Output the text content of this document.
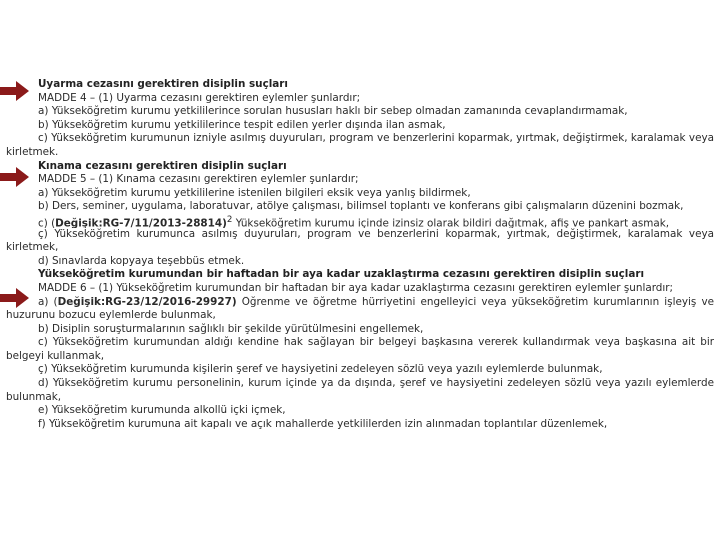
Uyarma cezasını gerektiren disiplin suçları
MADDE 4 – (1) Uyarma cezasını gerektiren eylemler şunlardır;
a) Yükseköğretim kurumu yetkililerince sorulan hususları haklı bir sebep olmadan zamanında cevaplandırmamak,
b) Yükseköğretim kurumu yetkililerince tespit edilen yerler dışında ilan asmak,
c) Yükseköğretim kurumunun izniyle asılmış duyuruları, program ve benzerlerini koparmak, yırtmak, değiştirmek, karalamak veya
kirletmek.
Kınama cezasını gerektiren disiplin suçları
MADDE 5 – (1) Kınama cezasını gerektiren eylemler şunlardır;
a) Yükseköğretim kurumu yetkililerine istenilen bilgileri eksik veya yanlış bildirmek,
b) Ders, seminer, uygulama, laboratuvar, atölye çalışması, bilimsel toplantı ve konferans gibi çalışmaların düzenini bozmak,
c) (Değişik:RG-7/11/2013-28814)$^2$ Yükseköğretim kurumu içinde izinsiz olarak bildiri dağıtmak, afiş ve pankart asmak,
ç) Yükseköğretim kurumunca asılmış duyuruları, program ve benzerlerini koparmak, yırtmak, değiştirmek, karalamak veya
kirletmek,
d) Sınavlarda kopyaya teşebbüs etmek.
Yükseköğretim kurumundan bir haftadan bir aya kadar uzaklaştırma cezasını gerektiren disiplin suçları
MADDE 6 – (1) Yükseköğretim kurumundan bir haftadan bir aya kadar uzaklaştırma cezasını gerektiren eylemler şunlardır;
a) (Değişik:RG-23/12/2016-29927) Öğrenme ve öğretme hürriyetini engelleyici veya yükseköğretim kurumlarının işleyiş ve
huzurunu bozucu eylemlerde bulunmak,
b) Disiplin soruşturmalarının sağlıklı bir şekilde yürütülmesini engellemek,
c) Yükseköğretim kurumundan aldığı kendine hak sağlayan bir belgeyi başkasına vererek kullandırmak veya başkasına ait bir
belgeyi kullanmak,
ç) Yükseköğretim kurumunda kişilerin şeref ve haysiyetini zedeleyen sözlü veya yazılı eylemlerde bulunmak,
d) Yükseköğretim kurumu personelinin, kurum içinde ya da dışında, şeref ve haysiyetini zedeleyen sözlü veya yazılı eylemlerde
bulunmak,
e) Yükseköğretim kurumunda alkollü içki içmek,
f) Yükseköğretim kurumuna ait kapalı ve açık mahallerde yetkililerden izin alınmadan toplantılar düzenlemek,
